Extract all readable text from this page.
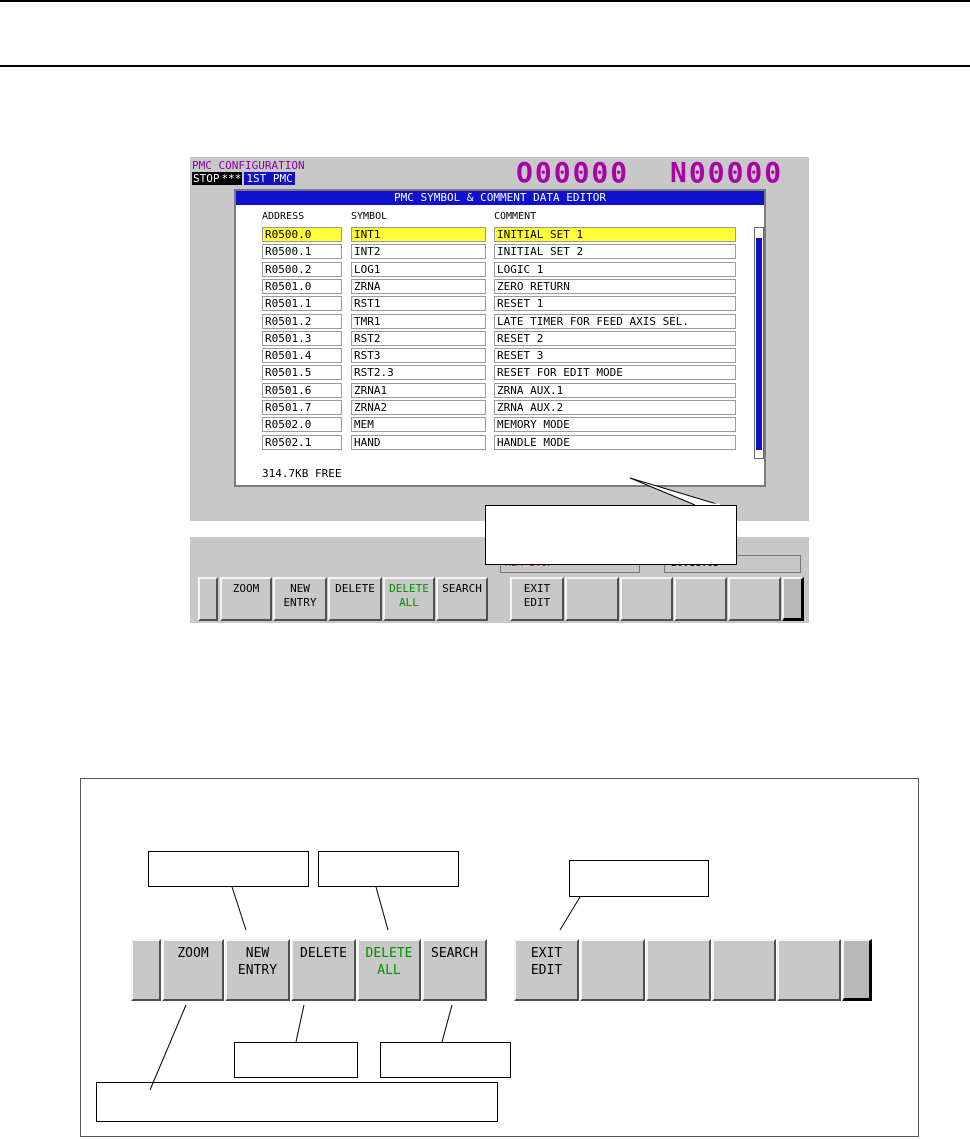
PMC CONFIGURATION
STOP *** 1ST PMC	O00000 N00000
PMC SYMBOL & COMMENT DATA EDITOR
ADDRESS	SYMBOL	COMMENT
R0500.0	INT1	INITIAL SET 1
R0500.1	INT2	INITIAL SET 2
R0500.2	LOG1	LOGIC 1
R0501.0	ZRNA	ZERO RETURN
R0501.1	RST1	RESET 1
R0501.2	TMR1	LATE TIMER FOR FEED AXIS SEL.
R0501.3	RST2	RESET 2
R0501.4	RST3	RESET 3
R0501.5	RST2.3	RESET FOR EDIT MODE
R0501.6	ZRNA1	ZRNA AUX.1
R0501.7	ZRNA2	ZRNA AUX.2
R0502.0	MEM	MEMORY MODE
R0502.1	HAND	HANDLE MODE
314.7KB FREE
ZOOM	NEW
ENTRY
DELETE	DELETE
ALL
SEARCH	EXIT
EDIT
ZOOM	NEW
ENTRY
DELETE	DELETE
ALL
SEARCH	EXIT
EDIT
